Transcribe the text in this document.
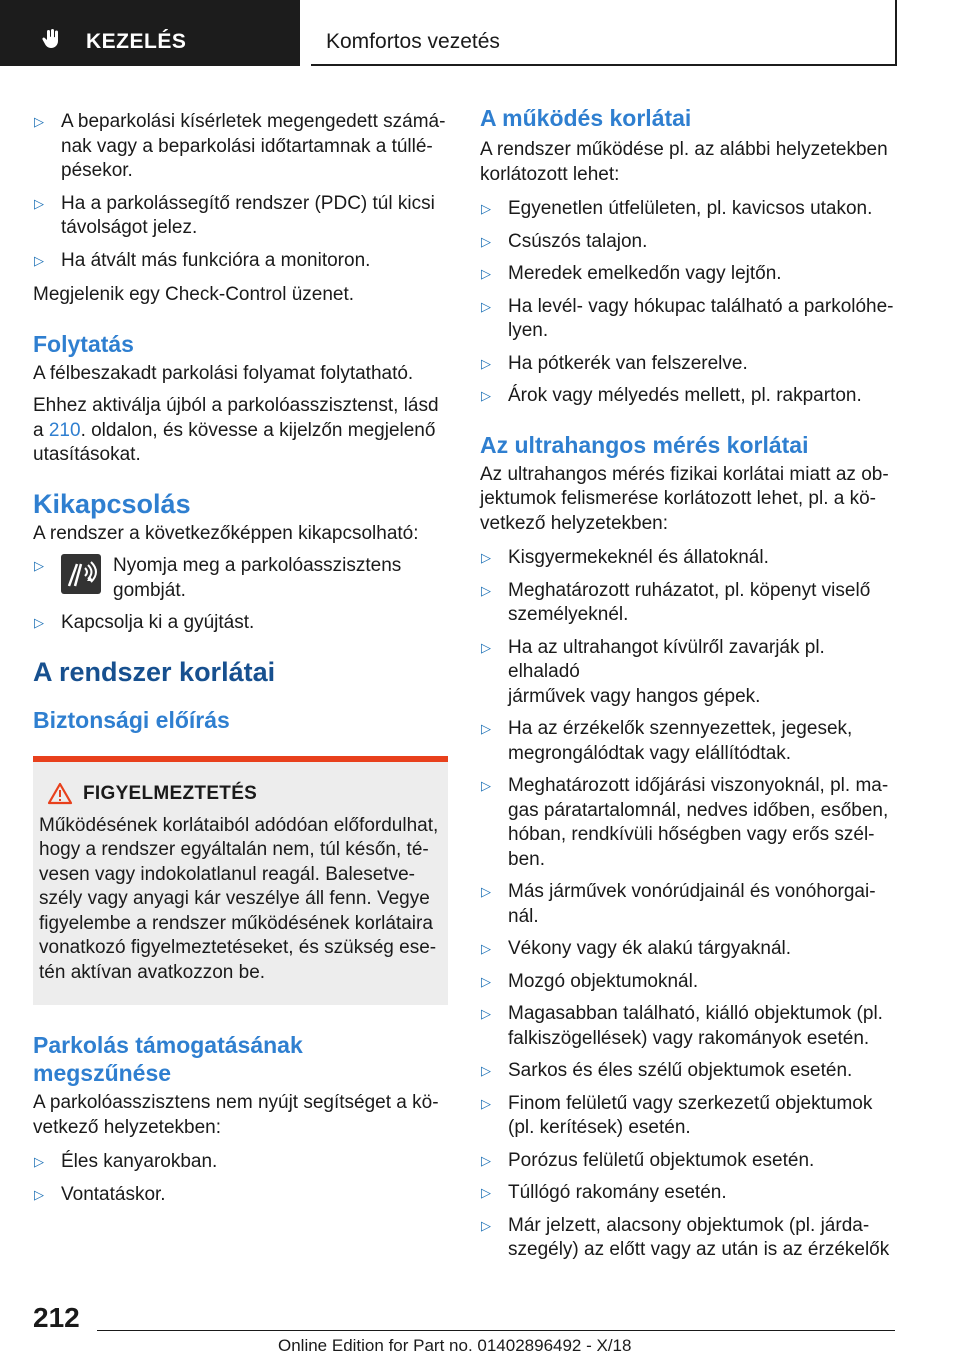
KEZELÉS	Komfortos vezetés
▷ A beparkolási kísérletek megengedett számá-
nak vagy a beparkolási időtartamnak a túllé-
pésekor.
▷ Ha a parkolássegítő rendszer (PDC) túl kicsi
távolságot jelez.
▷ Ha átvált más funkcióra a monitoron.

Megjelenik egy Check-Control üzenet.

Folytatás

A félbeszakadt parkolási folyamat folytatható.

Ehhez aktiválja újból a parkolóasszisztenst, lásd
a 210. oldalon, és kövesse a kijelzőn megjelenő
utasításokat.

Kikapcsolás

A rendszer a következőképpen kikapcsolható:

▷	Nyomja meg a parkolóasszisztens
gombját.
▷ Kapcsolja ki a gyújtást.
A rendszer korlátai
Biztonsági előírás
FIGYELMEZTETÉS

Működésének korlátaiból adódóan előfordulhat,
hogy a rendszer egyáltalán nem, túl későn, té-
vesen vagy indokolatlanul reagál. Balesetve-
szély vagy anyagi kár veszélye áll fenn. Vegye
figyelembe a rendszer működésének korlátaira
vonatkozó figyelmeztetéseket, és szükség ese-
tén aktívan avatkozzon be.

Parkolás támogatásának
megszűnése

A parkolóasszisztens nem nyújt segítséget a kö-
vetkező helyzetekben:

▷ Éles kanyarokban.
▷ Vontatáskor.
A működés korlátai

A rendszer működése pl. az alábbi helyzetekben
korlátozott lehet:

▷ Egyenetlen útfelületen, pl. kavicsos utakon.
▷ Csúszós talajon.
▷ Meredek emelkedőn vagy lejtőn.
▷ Ha levél- vagy hókupac található a parkolóhe-
lyen.
▷ Ha pótkerék van felszerelve.
▷ Árok vagy mélyedés mellett, pl. rakparton.
Az ultrahangos mérés korlátai

Az ultrahangos mérés fizikai korlátai miatt az ob-
jektumok felismerése korlátozott lehet, pl. a kö-
vetkező helyzetekben:

▷ Kisgyermekeknél és állatoknál.
▷ Meghatározott ruházatot, pl. köpenyt viselő
személyeknél.
▷ Ha az ultrahangot kívülről zavarják pl. elhaladó
járművek vagy hangos gépek.
▷ Ha az érzékelők szennyezettek, jegesek,
megrongálódtak vagy elállítódtak.
▷ Meghatározott időjárási viszonyoknál, pl. ma-
gas páratartalomnál, nedves időben, esőben,
hóban, rendkívüli hőségben vagy erős szél-
ben.
▷ Más járművek vonórúdjainál és vonóhorgai-
nál.
▷ Vékony vagy ék alakú tárgyaknál.
▷ Mozgó objektumoknál.
▷ Magasabban található, kiálló objektumok (pl.
falkiszögellések) vagy rakományok esetén.
▷ Sarkos és éles szélű objektumok esetén.
▷ Finom felületű vagy szerkezetű objektumok
(pl. kerítések) esetén.
▷ Porózus felületű objektumok esetén.
▷ Túllógó rakomány esetén.
▷ Már jelzett, alacsony objektumok (pl. járda-
szegély) az előtt vagy az után is az érzékelők
212
Online Edition for Part no. 01402896492 - X/18
